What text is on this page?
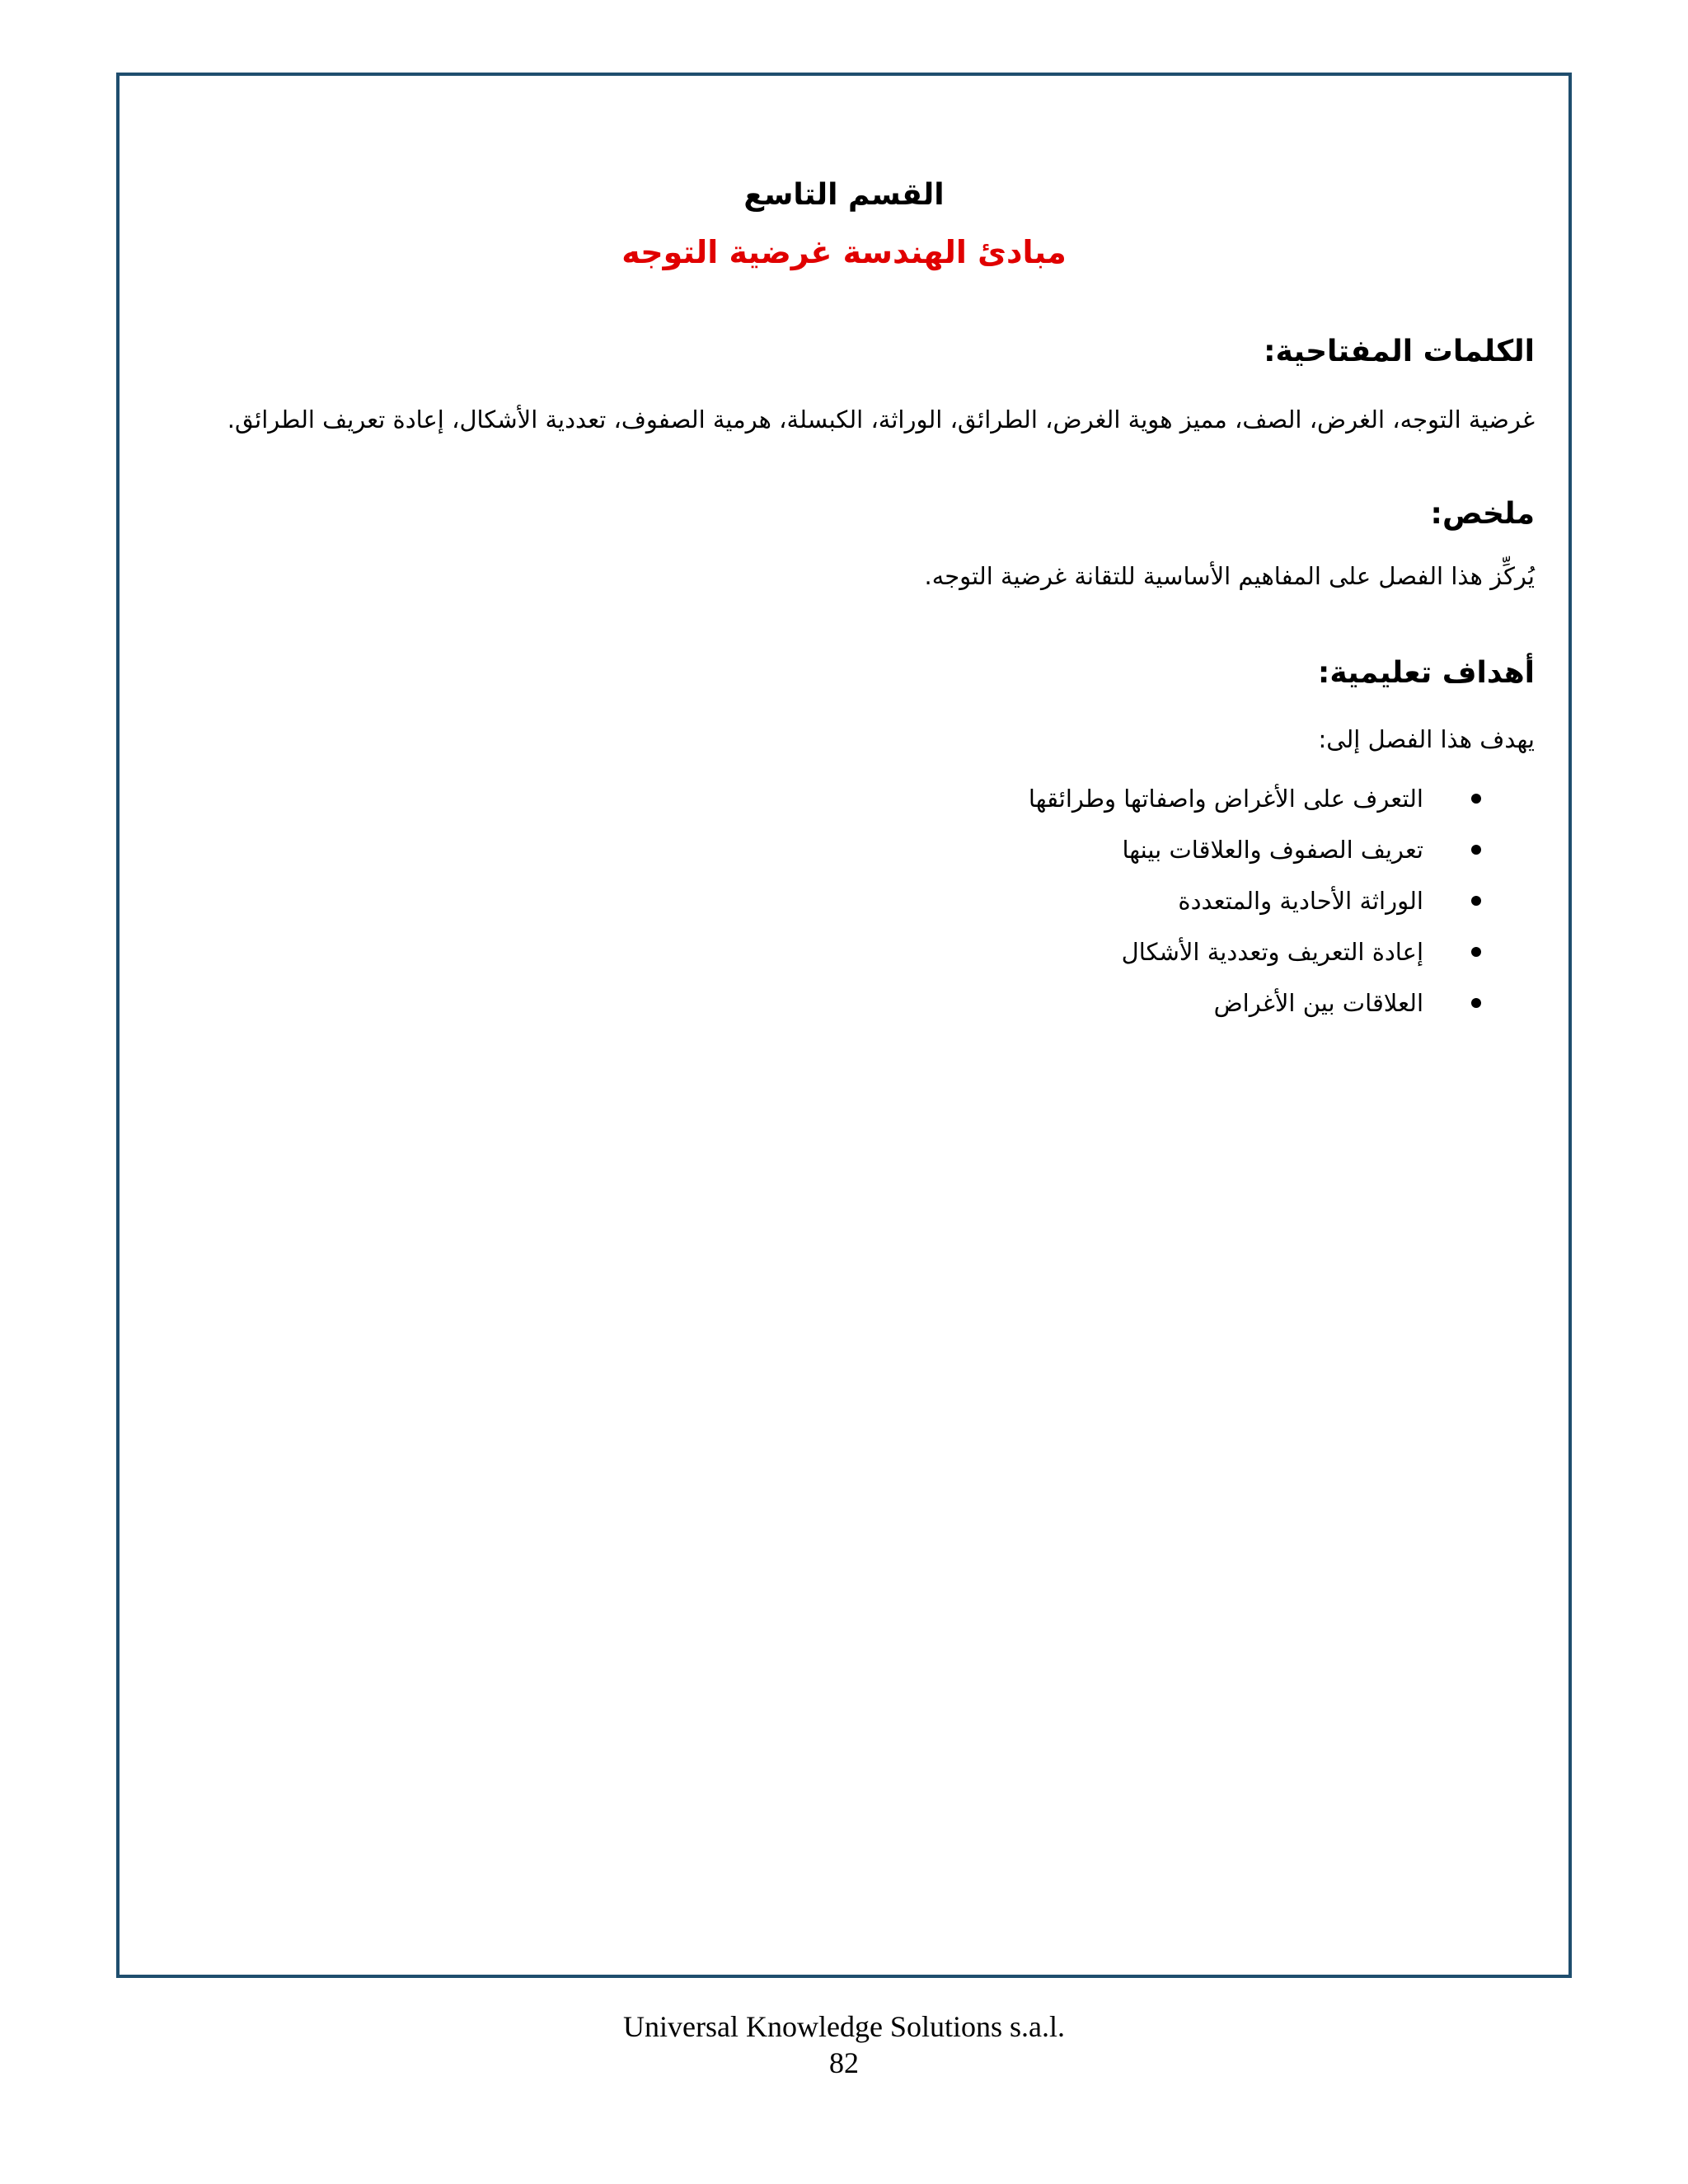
القسم التاسع
مبادئ الهندسة غرضية التوجه
الكلمات المفتاحية:
غرضية التوجه، الغرض، الصف، مميز هوية الغرض، الطرائق، الوراثة، الكبسلة، هرمية الصفوف، تعددية الأشكال، إعادة تعريف الطرائق.
ملخص:
يُركِّز هذا الفصل على المفاهيم الأساسية للتقانة غرضية التوجه.
أهداف تعليمية:
يهدف هذا الفصل إلى:
التعرف على الأغراض واصفاتها وطرائقها
تعريف الصفوف والعلاقات بينها
الوراثة الأحادية والمتعددة
إعادة التعريف وتعددية الأشكال
العلاقات بين الأغراض
Universal Knowledge Solutions s.a.l.
82
